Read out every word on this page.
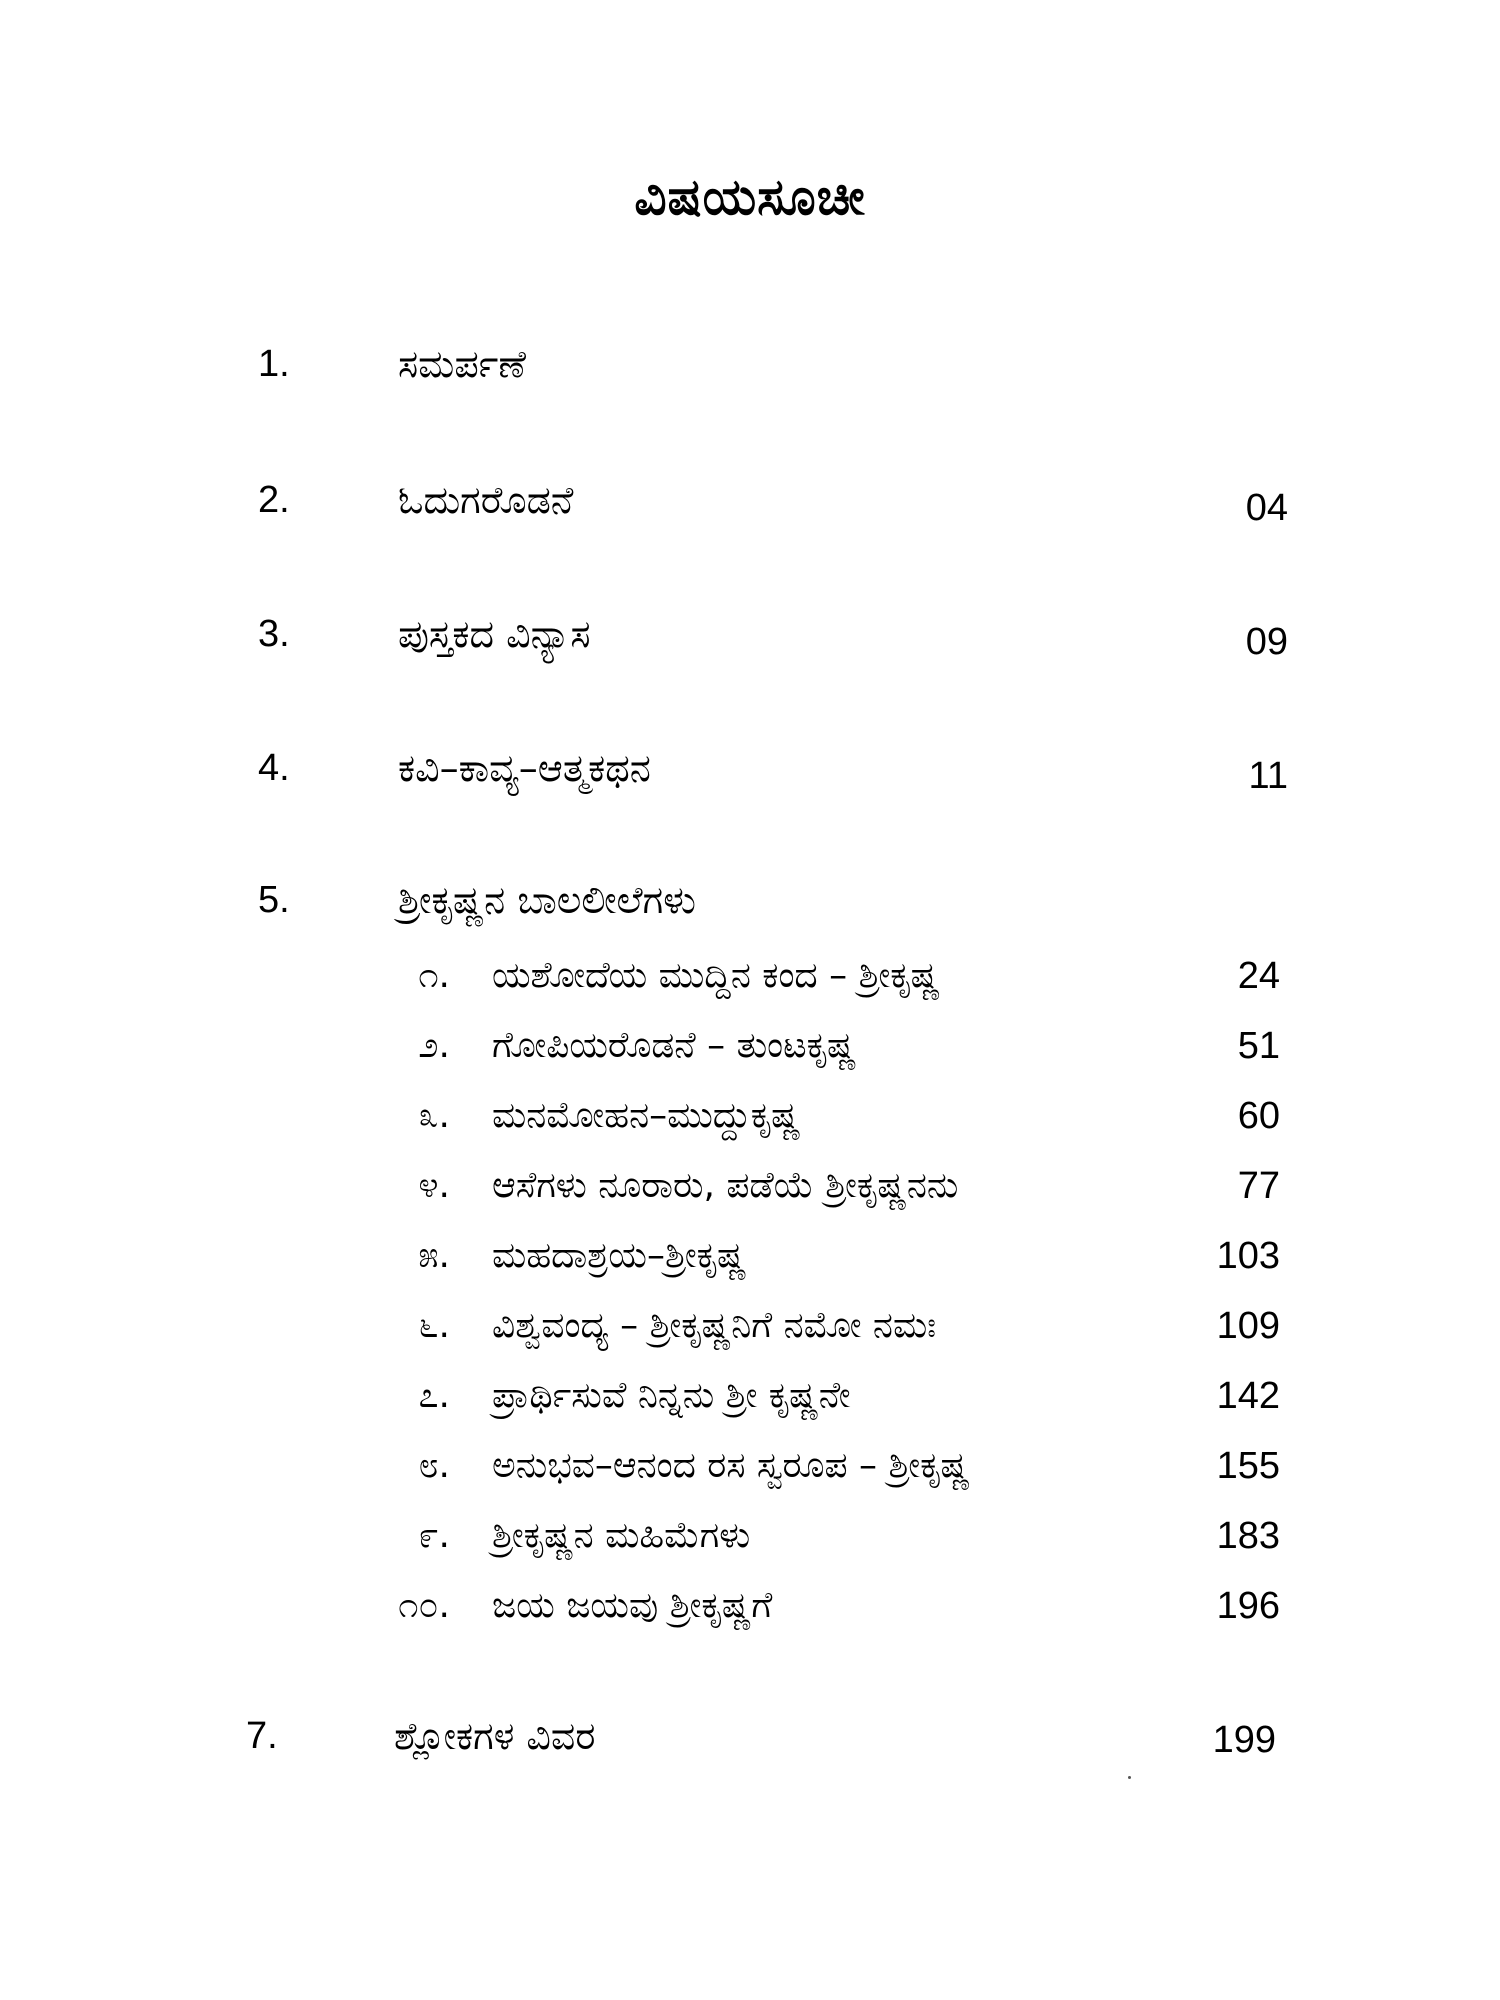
ವಿಷಯಸೂಚೀ
1.	ಸಮರ್ಪಣೆ
2.	ಓದುಗರೊಡನೆ	04
3.	ಪುಸ್ತಕದ ವಿನ್ಯಾಸ	09
4.	ಕವಿ–ಕಾವ್ಯ–ಆತ್ಮಕಥನ	11
5.	ಶ್ರೀಕೃಷ್ಣನ ಬಾಲಲೀಲೆಗಳು
೧. ಯಶೋದೆಯ ಮುದ್ದಿನ ಕಂದ – ಶ್ರೀಕೃಷ್ಣ	24
೨. ಗೋಪಿಯರೊಡನೆ – ತುಂಟಕೃಷ್ಣ	51
೩. ಮನಮೋಹನ–ಮುದ್ದುಕೃಷ್ಣ	60
೪. ಆಸೆಗಳು ನೂರಾರು, ಪಡೆಯೆ ಶ್ರೀಕೃಷ್ಣನನು	77
೫. ಮಹದಾಶ್ರಯ–ಶ್ರೀಕೃಷ್ಣ	103
೬. ವಿಶ್ವವಂದ್ಯ – ಶ್ರೀಕೃಷ್ಣನಿಗೆ ನಮೋ ನಮಃ	109
೭. ಪ್ರಾರ್ಥಿಸುವೆ ನಿನ್ನನು ಶ್ರೀ ಕೃಷ್ಣನೇ	142
೮. ಅನುಭವ–ಆನಂದ ರಸ ಸ್ವರೂಪ – ಶ್ರೀಕೃಷ್ಣ	155
೯. ಶ್ರೀಕೃಷ್ಣನ ಮಹಿಮೆಗಳು	183
೧೦. ಜಯ ಜಯವು ಶ್ರೀಕೃಷ್ಣಗೆ	196
7.	ಶ್ಲೋಕಗಳ ವಿವರ	199
